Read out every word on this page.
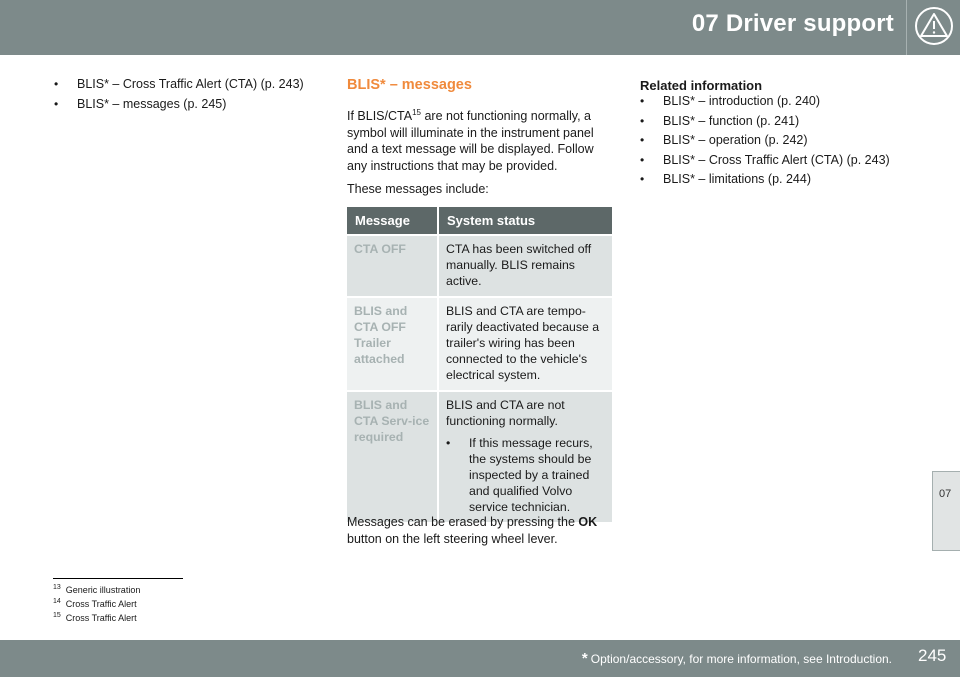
07 Driver support
07
• BLIS* – Cross Traffic Alert (CTA) (p. 243)
• BLIS* – messages (p. 245)
BLIS* – messages

If BLIS/CTA$^{15}$ are not functioning normally, a symbol will illuminate in the instrument panel and a text message will be displayed. Follow any instructions that may be provided.

These messages include:

Message	System status
CTA OFF	CTA has been switched off manually. BLIS remains active.
BLIS and CTA OFF Trailer attached	BLIS and CTA are tempo-rarily deactivated because a trailer's wiring has been connected to the vehicle's electrical system.
BLIS and CTA Serv-ice required	BLIS and CTA are not functioning normally.
• If this message recurs, the systems should be inspected by a trained and qualified Volvo service technician.

Messages can be erased by pressing the OK button on the left steering wheel lever.

Related information
• BLIS* – introduction (p. 240)
• BLIS* – function (p. 241)
• BLIS* – operation (p. 242)
• BLIS* – Cross Traffic Alert (CTA) (p. 243)
• BLIS* – limitations (p. 244)
$^{13}$ Generic illustration
$^{14}$ Cross Traffic Alert
$^{15}$ Cross Traffic Alert
* Option/accessory, for more information, see Introduction. 245
